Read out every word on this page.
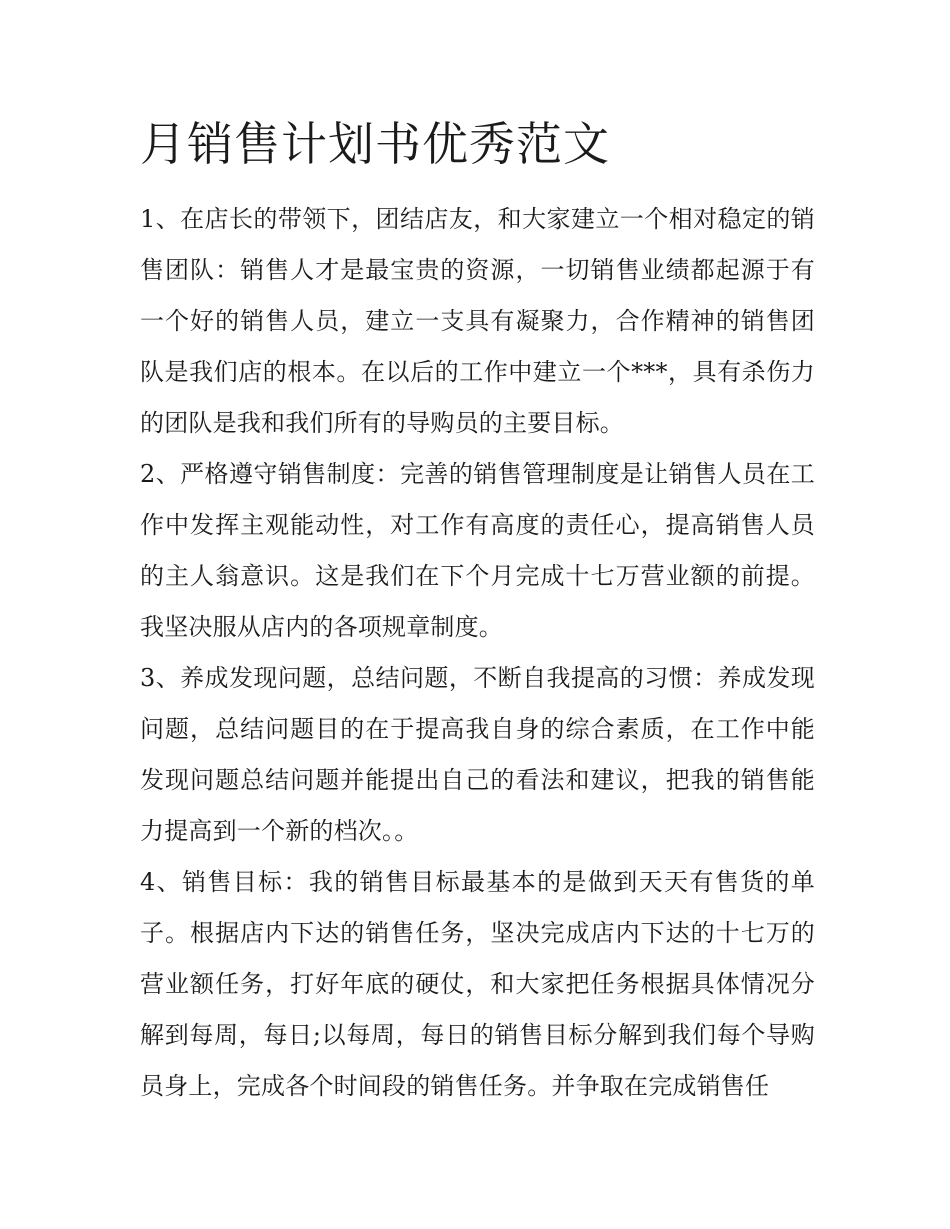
月销售计划书优秀范文

1、在店长的带领下，团结店友，和大家建立一个相对稳定的销售团队：销售人才是最宝贵的资源，一切销售业绩都起源于有一个好的销售人员，建立一支具有凝聚力，合作精神的销售团队是我们店的根本。在以后的工作中建立一个***，具有杀伤力的团队是我和我们所有的导购员的主要目标。

2、严格遵守销售制度：完善的销售管理制度是让销售人员在工作中发挥主观能动性，对工作有高度的责任心，提高销售人员的主人翁意识。这是我们在下个月完成十七万营业额的前提。我坚决服从店内的各项规章制度。

3、养成发现问题，总结问题，不断自我提高的习惯：养成发现问题，总结问题目的在于提高我自身的综合素质，在工作中能发现问题总结问题并能提出自己的看法和建议，把我的销售能力提高到一个新的档次。。

4、销售目标：我的销售目标最基本的是做到天天有售货的单子。根据店内下达的销售任务，坚决完成店内下达的十七万的营业额任务，打好年底的硬仗，和大家把任务根据具体情况分解到每周，每日;以每周，每日的销售目标分解到我们每个导购员身上，完成各个时间段的销售任务。并争取在完成销售任
